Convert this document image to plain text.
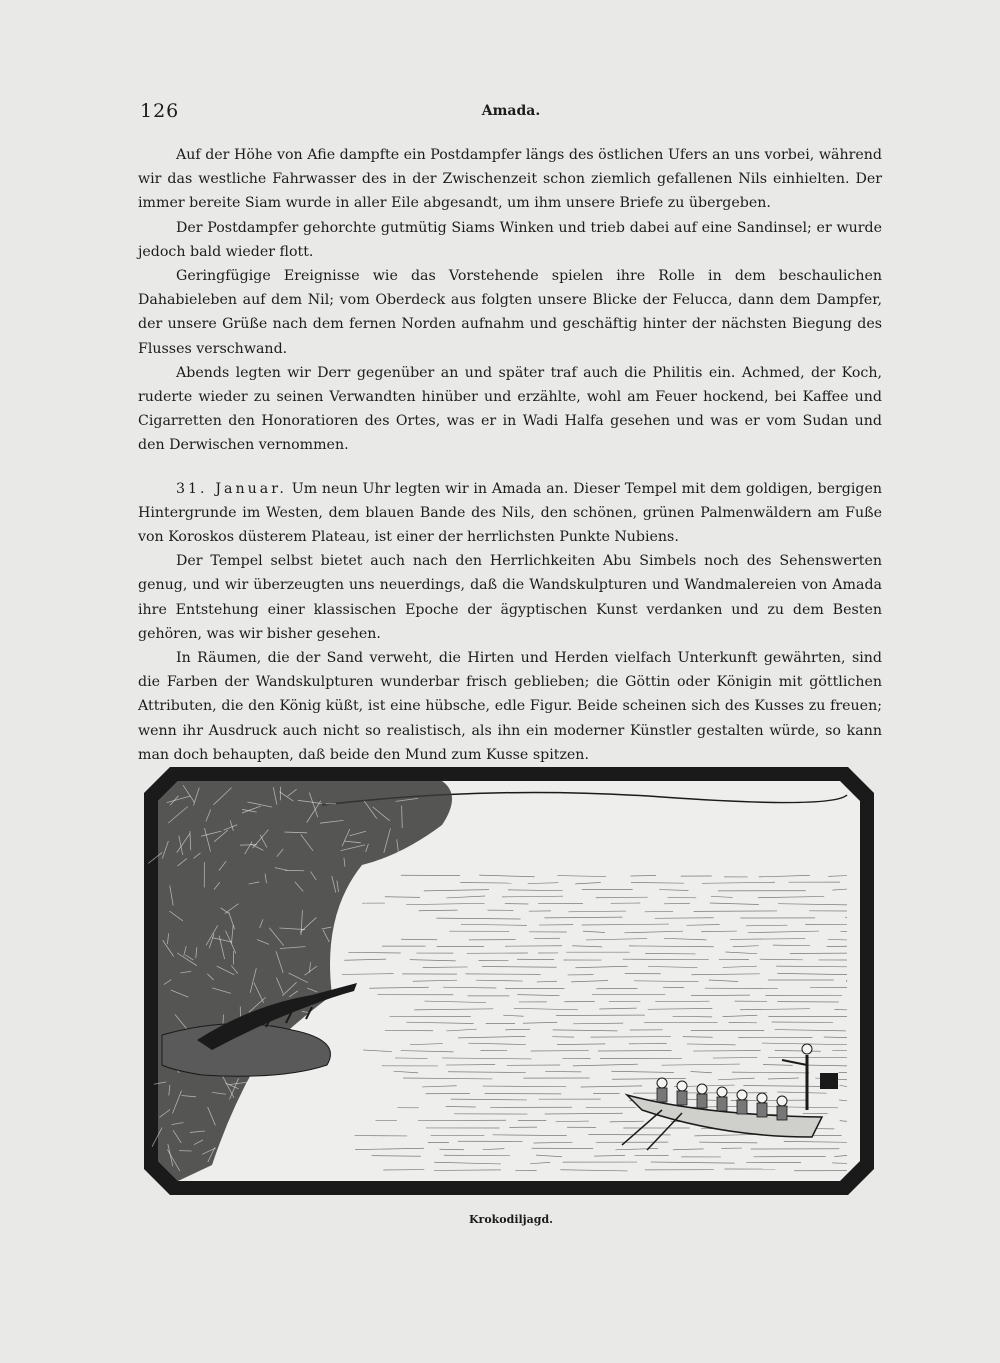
126	Amada.

Auf der Höhe von Afie dampfte ein Postdampfer längs des östlichen Ufers an uns vorbei, während wir das westliche Fahrwasser des in der Zwischenzeit schon ziemlich gefallenen Nils einhielten. Der immer bereite Siam wurde in aller Eile abgesandt, um ihm unsere Briefe zu übergeben.

Der Postdampfer gehorchte gutmütig Siams Winken und trieb dabei auf eine Sandinsel; er wurde jedoch bald wieder flott.

Geringfügige Ereignisse wie das Vorstehende spielen ihre Rolle in dem beschaulichen Dahabieleben auf dem Nil; vom Oberdeck aus folgten unsere Blicke der Felucca, dann dem Dampfer, der unsere Grüße nach dem fernen Norden aufnahm und geschäftig hinter der nächsten Biegung des Flusses verschwand.

Abends legten wir Derr gegenüber an und später traf auch die Philitis ein. Achmed, der Koch, ruderte wieder zu seinen Verwandten hinüber und erzählte, wohl am Feuer hockend, bei Kaffee und Cigarretten den Honoratioren des Ortes, was er in Wadi Halfa gesehen und was er vom Sudan und den Derwischen vernommen.

31. Januar. Um neun Uhr legten wir in Amada an. Dieser Tempel mit dem goldigen, bergigen Hintergrunde im Westen, dem blauen Bande des Nils, den schönen, grünen Palmenwäldern am Fuße von Koroskos düsterem Plateau, ist einer der herrlichsten Punkte Nubiens.

Der Tempel selbst bietet auch nach den Herrlichkeiten Abu Simbels noch des Sehenswerten genug, und wir überzeugten uns neuerdings, daß die Wandskulpturen und Wandmalereien von Amada ihre Entstehung einer klassischen Epoche der ägyptischen Kunst verdanken und zu dem Besten gehören, was wir bisher gesehen.

In Räumen, die der Sand verweht, die Hirten und Herden vielfach Unterkunft gewährten, sind die Farben der Wandskulpturen wunderbar frisch geblieben; die Göttin oder Königin mit göttlichen Attributen, die den König küßt, ist eine hübsche, edle Figur. Beide scheinen sich des Kusses zu freuen; wenn ihr Ausdruck auch nicht so realistisch, als ihn ein moderner Künstler gestalten würde, so kann man doch behaupten, daß beide den Mund zum Kusse spitzen.

Krokodiljagd.
